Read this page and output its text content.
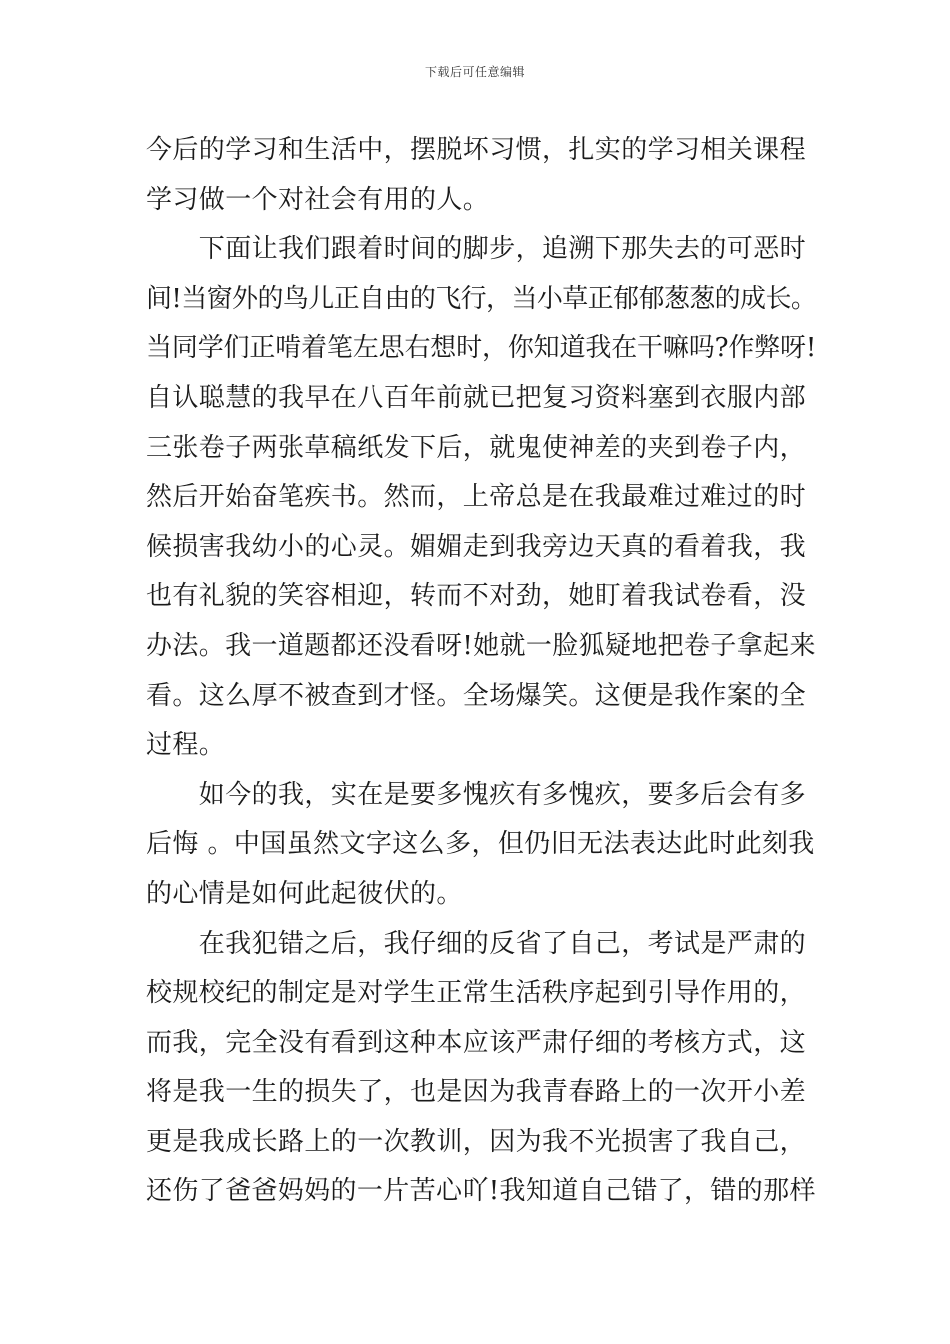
下载后可任意编辑
今后的学习和生活中，摆脱坏习惯，扎实的学习相关课程
学习做一个对社会有用的人。
　　下面让我们跟着时间的脚步，追溯下那失去的可恶时
间!当窗外的鸟儿正自由的飞行，当小草正郁郁葱葱的成长。
当同学们正啃着笔左思右想时，你知道我在干嘛吗?作弊呀!
自认聪慧的我早在八百年前就已把复习资料塞到衣服内部
三张卷子两张草稿纸发下后，就鬼使神差的夹到卷子内，
然后开始奋笔疾书。然而，上帝总是在我最难过难过的时
候损害我幼小的心灵。媚媚走到我旁边天真的看着我，我
也有礼貌的笑容相迎，转而不对劲，她盯着我试卷看，没
办法。我一道题都还没看呀!她就一脸狐疑地把卷子拿起来
看。这么厚不被查到才怪。全场爆笑。这便是我作案的全
过程。
　　如今的我，实在是要多愧疚有多愧疚，要多后会有多
后悔 。中国虽然文字这么多，但仍旧无法表达此时此刻我
的心情是如何此起彼伏的。
　　在我犯错之后，我仔细的反省了自己，考试是严肃的
校规校纪的制定是对学生正常生活秩序起到引导作用的，
而我，完全没有看到这种本应该严肃仔细的考核方式，这
将是我一生的损失了，也是因为我青春路上的一次开小差
更是我成长路上的一次教训，因为我不光损害了我自己，
还伤了爸爸妈妈的一片苦心吖!我知道自己错了，错的那样
